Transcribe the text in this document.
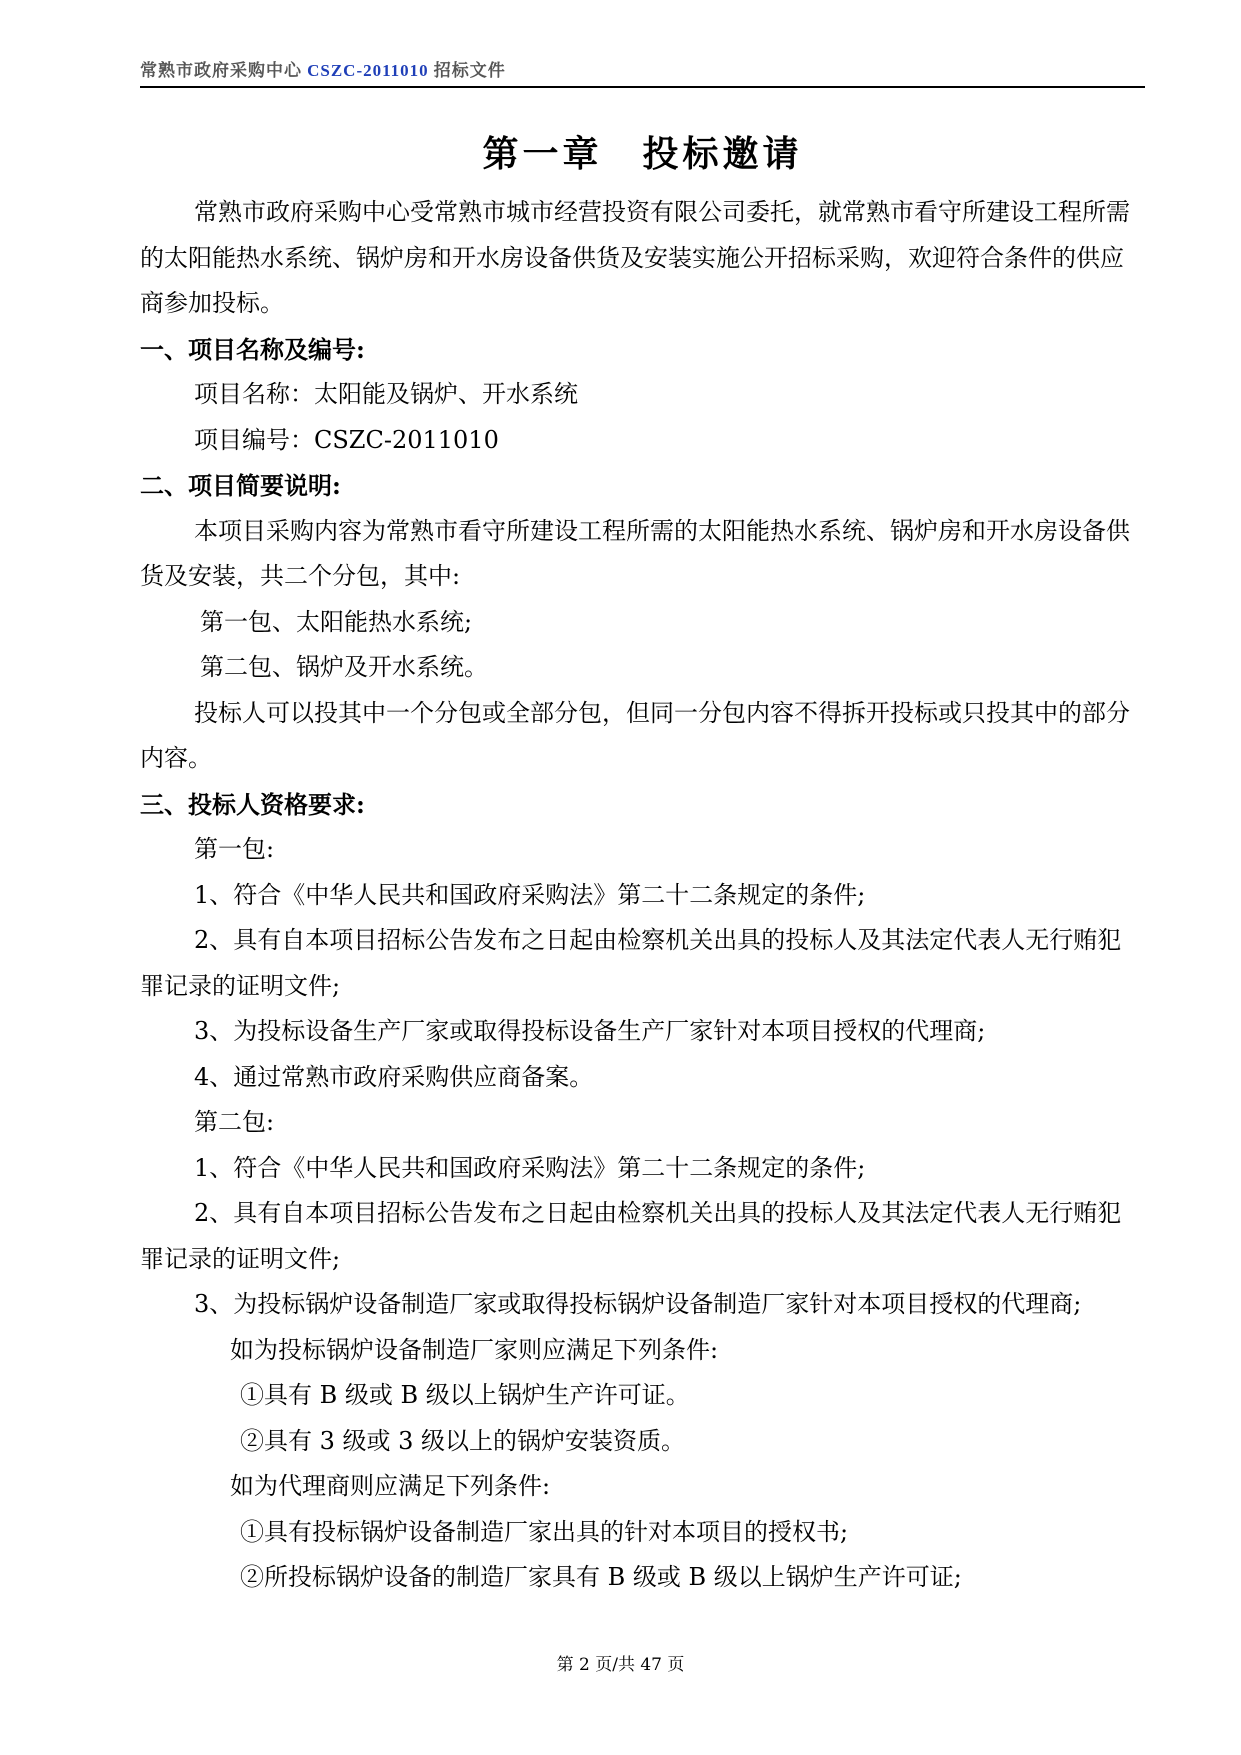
常熟市政府采购中心 CSZC-2011010 招标文件
第一章　投标邀请

常熟市政府采购中心受常熟市城市经营投资有限公司委托，就常熟市看守所建设工程所需的太阳能热水系统、锅炉房和开水房设备供货及安装实施公开招标采购，欢迎符合条件的供应商参加投标。

一、项目名称及编号:

项目名称：太阳能及锅炉、开水系统

项目编号：CSZC-2011010

二、项目简要说明:

本项目采购内容为常熟市看守所建设工程所需的太阳能热水系统、锅炉房和开水房设备供货及安装，共二个分包，其中:

第一包、太阳能热水系统;

第二包、锅炉及开水系统。

投标人可以投其中一个分包或全部分包，但同一分包内容不得拆开投标或只投其中的部分内容。

三、投标人资格要求:

第一包:

1、符合《中华人民共和国政府采购法》第二十二条规定的条件;

2、具有自本项目招标公告发布之日起由检察机关出具的投标人及其法定代表人无行贿犯罪记录的证明文件;

3、为投标设备生产厂家或取得投标设备生产厂家针对本项目授权的代理商;

4、通过常熟市政府采购供应商备案。

第二包:

1、符合《中华人民共和国政府采购法》第二十二条规定的条件;

2、具有自本项目招标公告发布之日起由检察机关出具的投标人及其法定代表人无行贿犯罪记录的证明文件;

3、为投标锅炉设备制造厂家或取得投标锅炉设备制造厂家针对本项目授权的代理商;

如为投标锅炉设备制造厂家则应满足下列条件:

①具有 B 级或 B 级以上锅炉生产许可证。

②具有 3 级或 3 级以上的锅炉安装资质。

如为代理商则应满足下列条件:

①具有投标锅炉设备制造厂家出具的针对本项目的授权书;

②所投标锅炉设备的制造厂家具有 B 级或 B 级以上锅炉生产许可证;

第 2 页/共 47 页
